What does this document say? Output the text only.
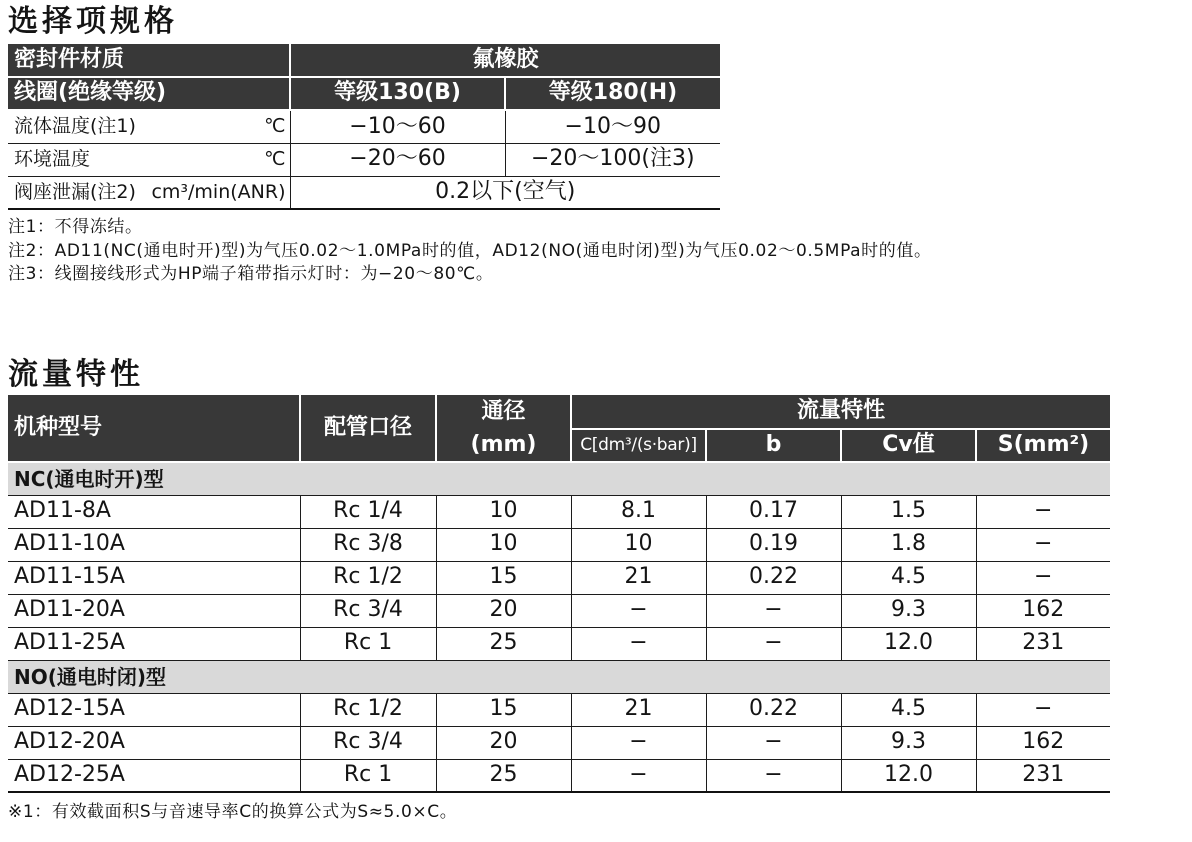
选择项规格
密封件材质	氟橡胶	
线圈(绝缘等级)	等级130(B)	等级180(H)

流体温度(注1) ℃	−10～60	−10～90

环境温度 ℃	−20～60	−20～100(注3)

阀座泄漏(注2) cm³/min(ANR)	0.2以下(空气)	
注1：不得冻结。
注2：AD11(NC(通电时开)型)为气压0.02～1.0MPa时的值，AD12(NO(通电时闭)型)为气压0.02～0.5MPa时的值。
注3：线圈接线形式为HP端子箱带指示灯时：为−20～80℃。
流量特性
机种型号	配管口径	通径
(mm)	流量特性			
			C[dm³/(s·bar)]	b	Cv值	S(mm²)
NC(通电时开)型						
AD11-8A	Rc 1/4	10	8.1	0.17	1.5	−
AD11-10A	Rc 3/8	10	10	0.19	1.8	−
AD11-15A	Rc 1/2	15	21	0.22	4.5	−
AD11-20A	Rc 3/4	20	−	−	9.3	162
AD11-25A	Rc 1	25	−	−	12.0	231
NO(通电时闭)型						
AD12-15A	Rc 1/2	15	21	0.22	4.5	−
AD12-20A	Rc 3/4	20	−	−	9.3	162
AD12-25A	Rc 1	25	−	−	12.0	231
※1：有效截面积S与音速导率C的换算公式为S≈5.0×C。
